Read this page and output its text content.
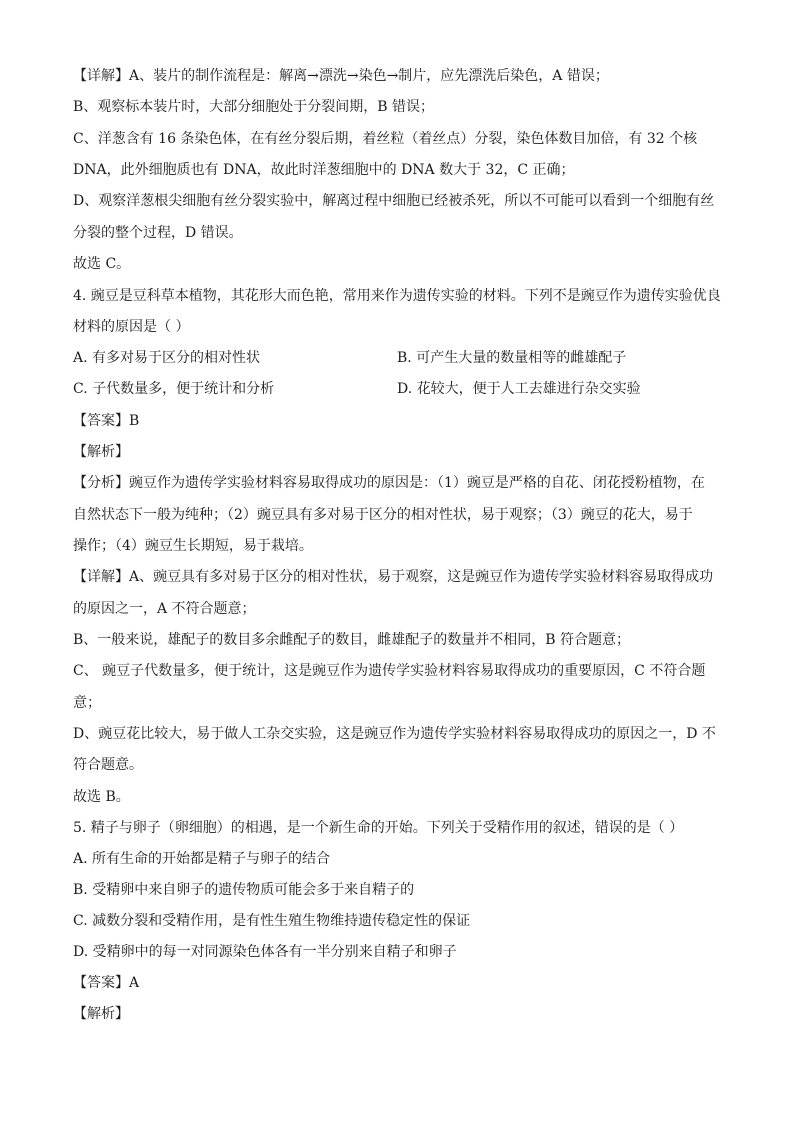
【详解】A、装片的制作流程是：解离→漂洗→染色→制片，应先漂洗后染色，A 错误；
B、观察标本装片时，大部分细胞处于分裂间期，B 错误；
C、洋葱含有 16 条染色体，在有丝分裂后期，着丝粒（着丝点）分裂，染色体数目加倍，有 32 个核
DNA，此外细胞质也有 DNA，故此时洋葱细胞中的 DNA 数大于 32，C 正确；
D、观察洋葱根尖细胞有丝分裂实验中，解离过程中细胞已经被杀死，所以不可能可以看到一个细胞有丝
分裂的整个过程，D 错误。
故选 C。
4. 豌豆是豆科草本植物，其花形大而色艳，常用来作为遗传实验的材料。下列不是豌豆作为遗传实验优良
材料的原因是（ ）
A. 有多对易于区分的相对性状	B. 可产生大量的数量相等的雌雄配子
C. 子代数量多，便于统计和分析	D. 花较大，便于人工去雄进行杂交实验
【答案】B
【解析】
【分析】豌豆作为遗传学实验材料容易取得成功的原因是：（1）豌豆是严格的自花、闭花授粉植物，在
自然状态下一般为纯种；（2）豌豆具有多对易于区分的相对性状，易于观察；（3）豌豆的花大，易于
操作；（4）豌豆生长期短，易于栽培。
【详解】A、豌豆具有多对易于区分的相对性状，易于观察，这是豌豆作为遗传学实验材料容易取得成功
的原因之一，A 不符合题意；
B、一般来说，雄配子的数目多余雌配子的数目，雌雄配子的数量并不相同，B 符合题意；
C、 豌豆子代数量多，便于统计，这是豌豆作为遗传学实验材料容易取得成功的重要原因，C 不符合题
意；
D、豌豆花比较大，易于做人工杂交实验，这是豌豆作为遗传学实验材料容易取得成功的原因之一，D 不
符合题意。
故选 B。
5. 精子与卵子（卵细胞）的相遇，是一个新生命的开始。下列关于受精作用的叙述，错误的是（ ）
A. 所有生命的开始都是精子与卵子的结合
B. 受精卵中来自卵子的遗传物质可能会多于来自精子的
C. 减数分裂和受精作用，是有性生殖生物维持遗传稳定性的保证
D. 受精卵中的每一对同源染色体各有一半分别来自精子和卵子
【答案】A
【解析】
